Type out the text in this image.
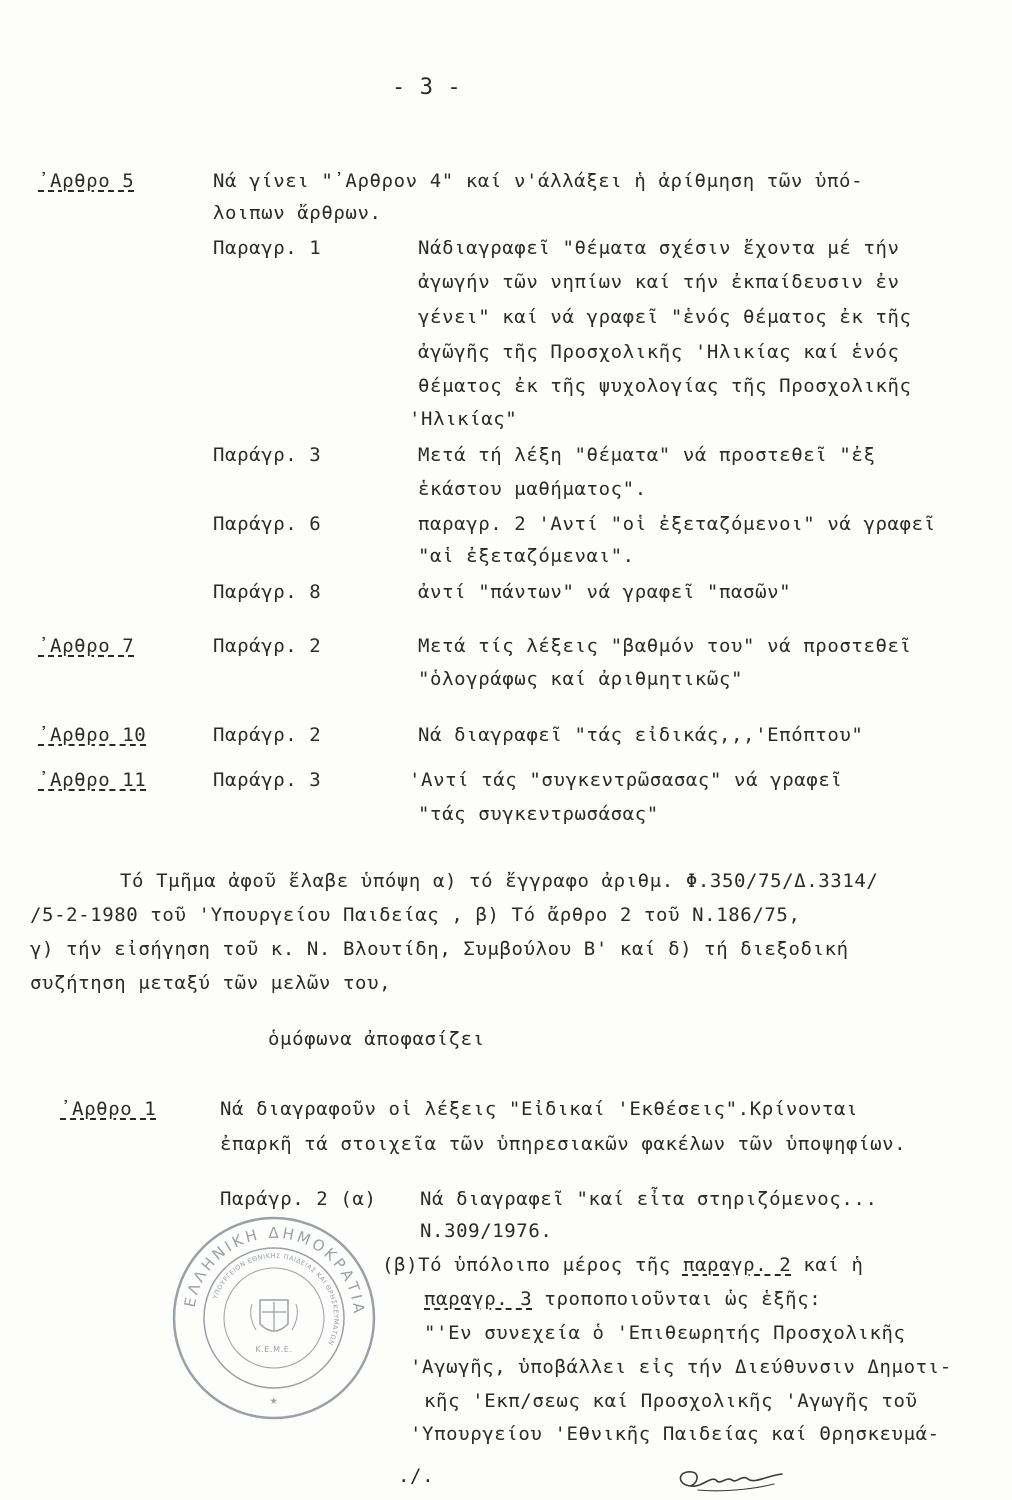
- 3 -
᾿Αρθρο 5	Νά γίνει "᾿Αρθρον 4" καί ν'άλλάξει ἡ ἀρίθμηση τῶν ὑπό-
λοιπων ἄρθρων.
Παραγρ. 1	Νάδιαγραφεῖ "θέματα σχέσιν ἔχοντα μέ τήν
ἀγωγήν τῶν νηπίων καί τήν ἐκπαίδευσιν ἐν
γένει" καί νά γραφεῖ "ἑνός θέματος ἐκ τῆς
ἀγῶγῆς τῆς Προσχολικῆς 'Ηλικίας καί ἑνός
θέματος ἐκ τῆς ψυχολογίας τῆς Προσχολικῆς
'Ηλικίας"
Παράγρ. 3	Μετά τή λέξη "θέματα" νά προστεθεῖ "ἐξ
ἑκάστου μαθήματος".
Παράγρ. 6	παραγρ. 2 'Αντί "οἱ ἐξεταζόμενοι" νά γραφεῖ
"αἱ ἐξεταζόμεναι".
Παράγρ. 8	ἀντί "πάντων" νά γραφεῖ "πασῶν"
᾿Αρθρο 7	Παράγρ. 2	Μετά τίς λέξεις "βαθμόν του" νά προστεθεῖ
"ὁλογράφως καί ἀριθμητικῶς"
᾿Αρθρο 10	Παράγρ. 2	Νά διαγραφεῖ "τάς εἰδικάς,,,'Επόπτου"
᾿Αρθρο 11	Παράγρ. 3	'Αντί τάς "συγκεντρῶσασας" νά γραφεῖ
"τάς συγκεντρωσάσας"
Τό Τμῆμα ἀφοῦ ἔλαβε ὑπόψη α) τό ἔγγραφο ἀριθμ. Φ.350/75/Δ.3314/
/5-2-1980 τοῦ 'Υπουργείου Παιδείας , β) Τό ἄρθρο 2 τοῦ Ν.186/75,
γ) τήν εἰσήγηση τοῦ κ. Ν. Βλουτίδη, Συμβούλου Β' καί δ) τή διεξοδική
συζήτηση μεταξύ τῶν μελῶν του,
ὁμόφωνα ἀποφασίζει
᾿Αρθρο 1	Νά διαγραφοῦν οἱ λέξεις "Εἰδικαί 'Εκθέσεις".Κρίνονται
ἐπαρκῆ τά στοιχεῖα τῶν ὑπηρεσιακῶν φακέλων τῶν ὑποψηφίων.
Παράγρ. 2 (α) Νά διαγραφεῖ "καί εἶτα στηριζόμενος...
Ν.309/1976.
(β)Τό ὑπόλοιπο μέρος τῆς παραγρ. 2 καί ἡ
παραγρ. 3 τροποποιοῦνται ὡς ἑξῆς:
"'Εν συνεχεία ὁ 'Επιθεωρητής Προσχολικῆς
'Αγωγῆς, ὑποβάλλει εἰς τήν Διεύθυνσιν Δημοτι-
κῆς 'Εκπ/σεως καί Προσχολικῆς 'Αγωγῆς τοῦ
'Υπουργείου 'Εθνικῆς Παιδείας καί Θρησκευμά-
./.
ΕΛΛΗΝΙΚΗ ΔΗΜΟΚΡΑΤΙΑ
ΥΠΟΥΡΓΕΙΟΝ ΕΘΝΙΚΗΣ ΠΑΙΔΕΙΑΣ ΚΑΙ ΘΡΗΣΚΕΥΜΑΤΩΝ
Κ.Ε.Μ.Ε.
★
